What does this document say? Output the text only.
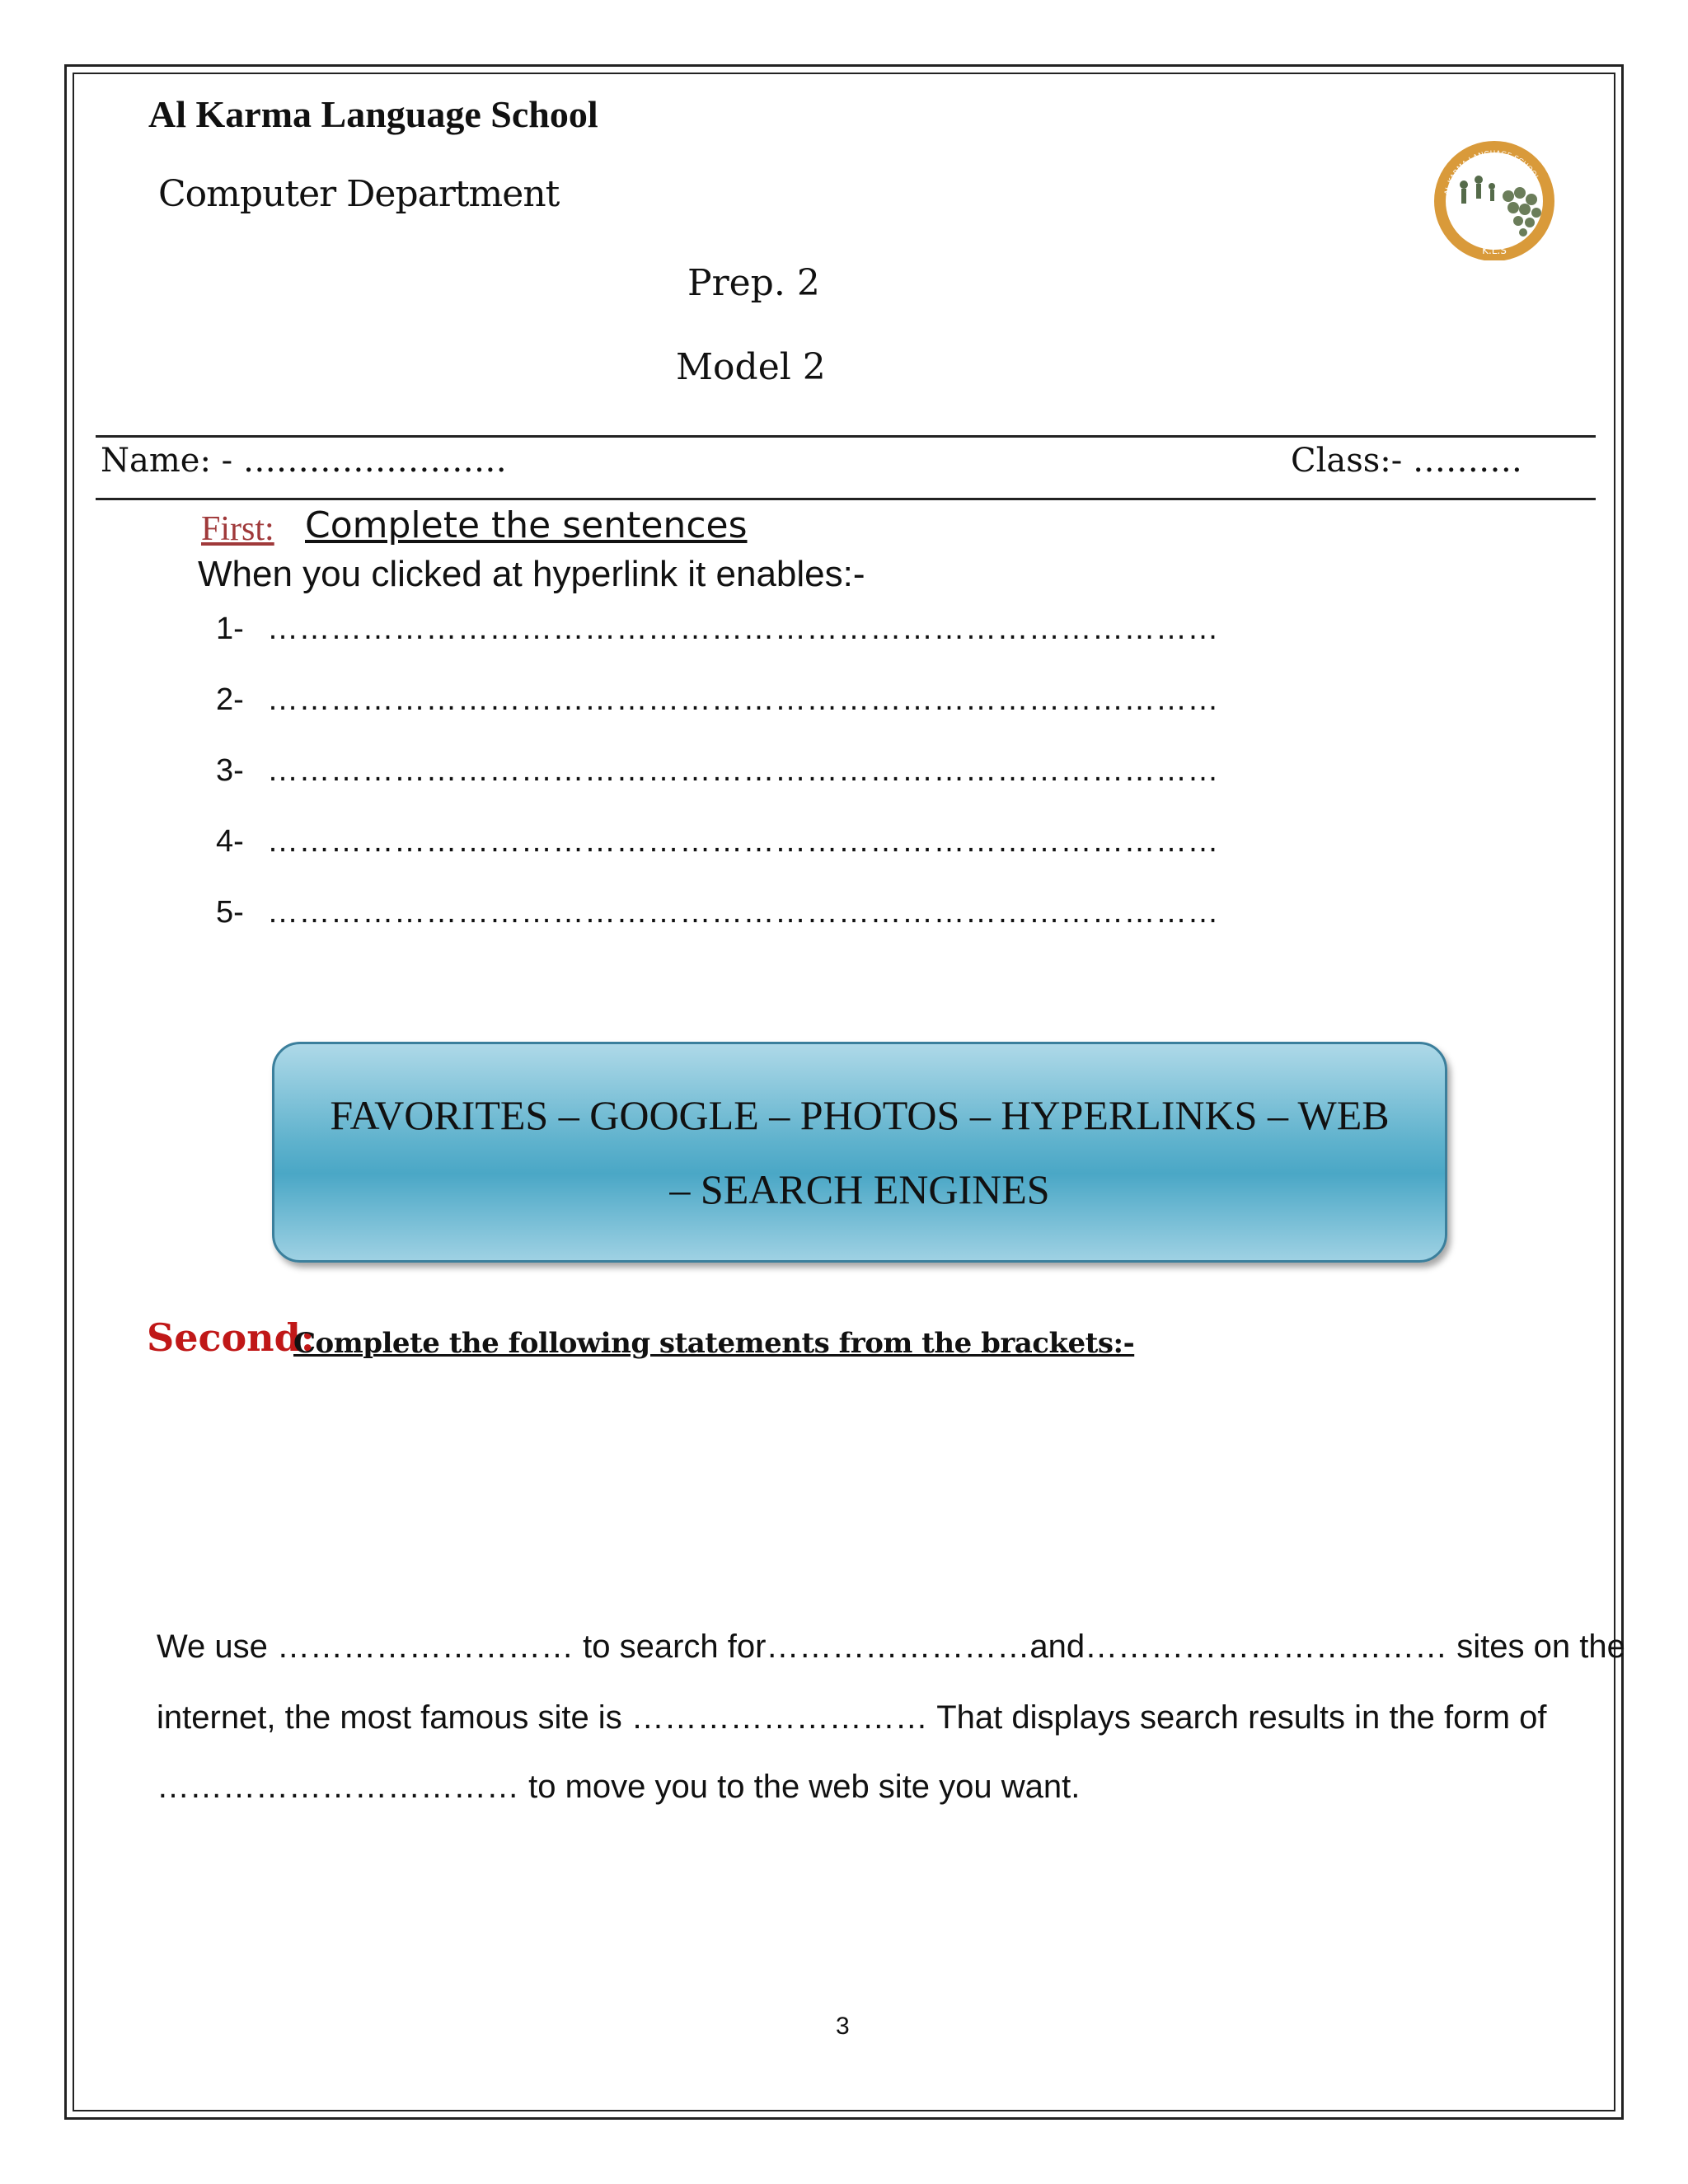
Al Karma Language School
Computer Department
Prep. 2
Model 2
AL KARMA LANGUAGE SCHOOL
K.L.S
Name: - ……………………	Class:- ……….
First: Complete the sentences
When you clicked at hyperlink it enables:-
1- ………………………………………………………………………………
2- ………………………………………………………………………………
3- ………………………………………………………………………………
4- ………………………………………………………………………………
5- ………………………………………………………………………………
FAVORITES – GOOGLE – PHOTOS – HYPERLINKS – WEB
– SEARCH ENGINES
Second:
Complete the following statements from the brackets:-
We use ……………………… to search for……………………and…………………………… sites on the
internet, the most famous site is ……………………… That displays search results in the form of
…………………………… to move you to the web site you want.
3
